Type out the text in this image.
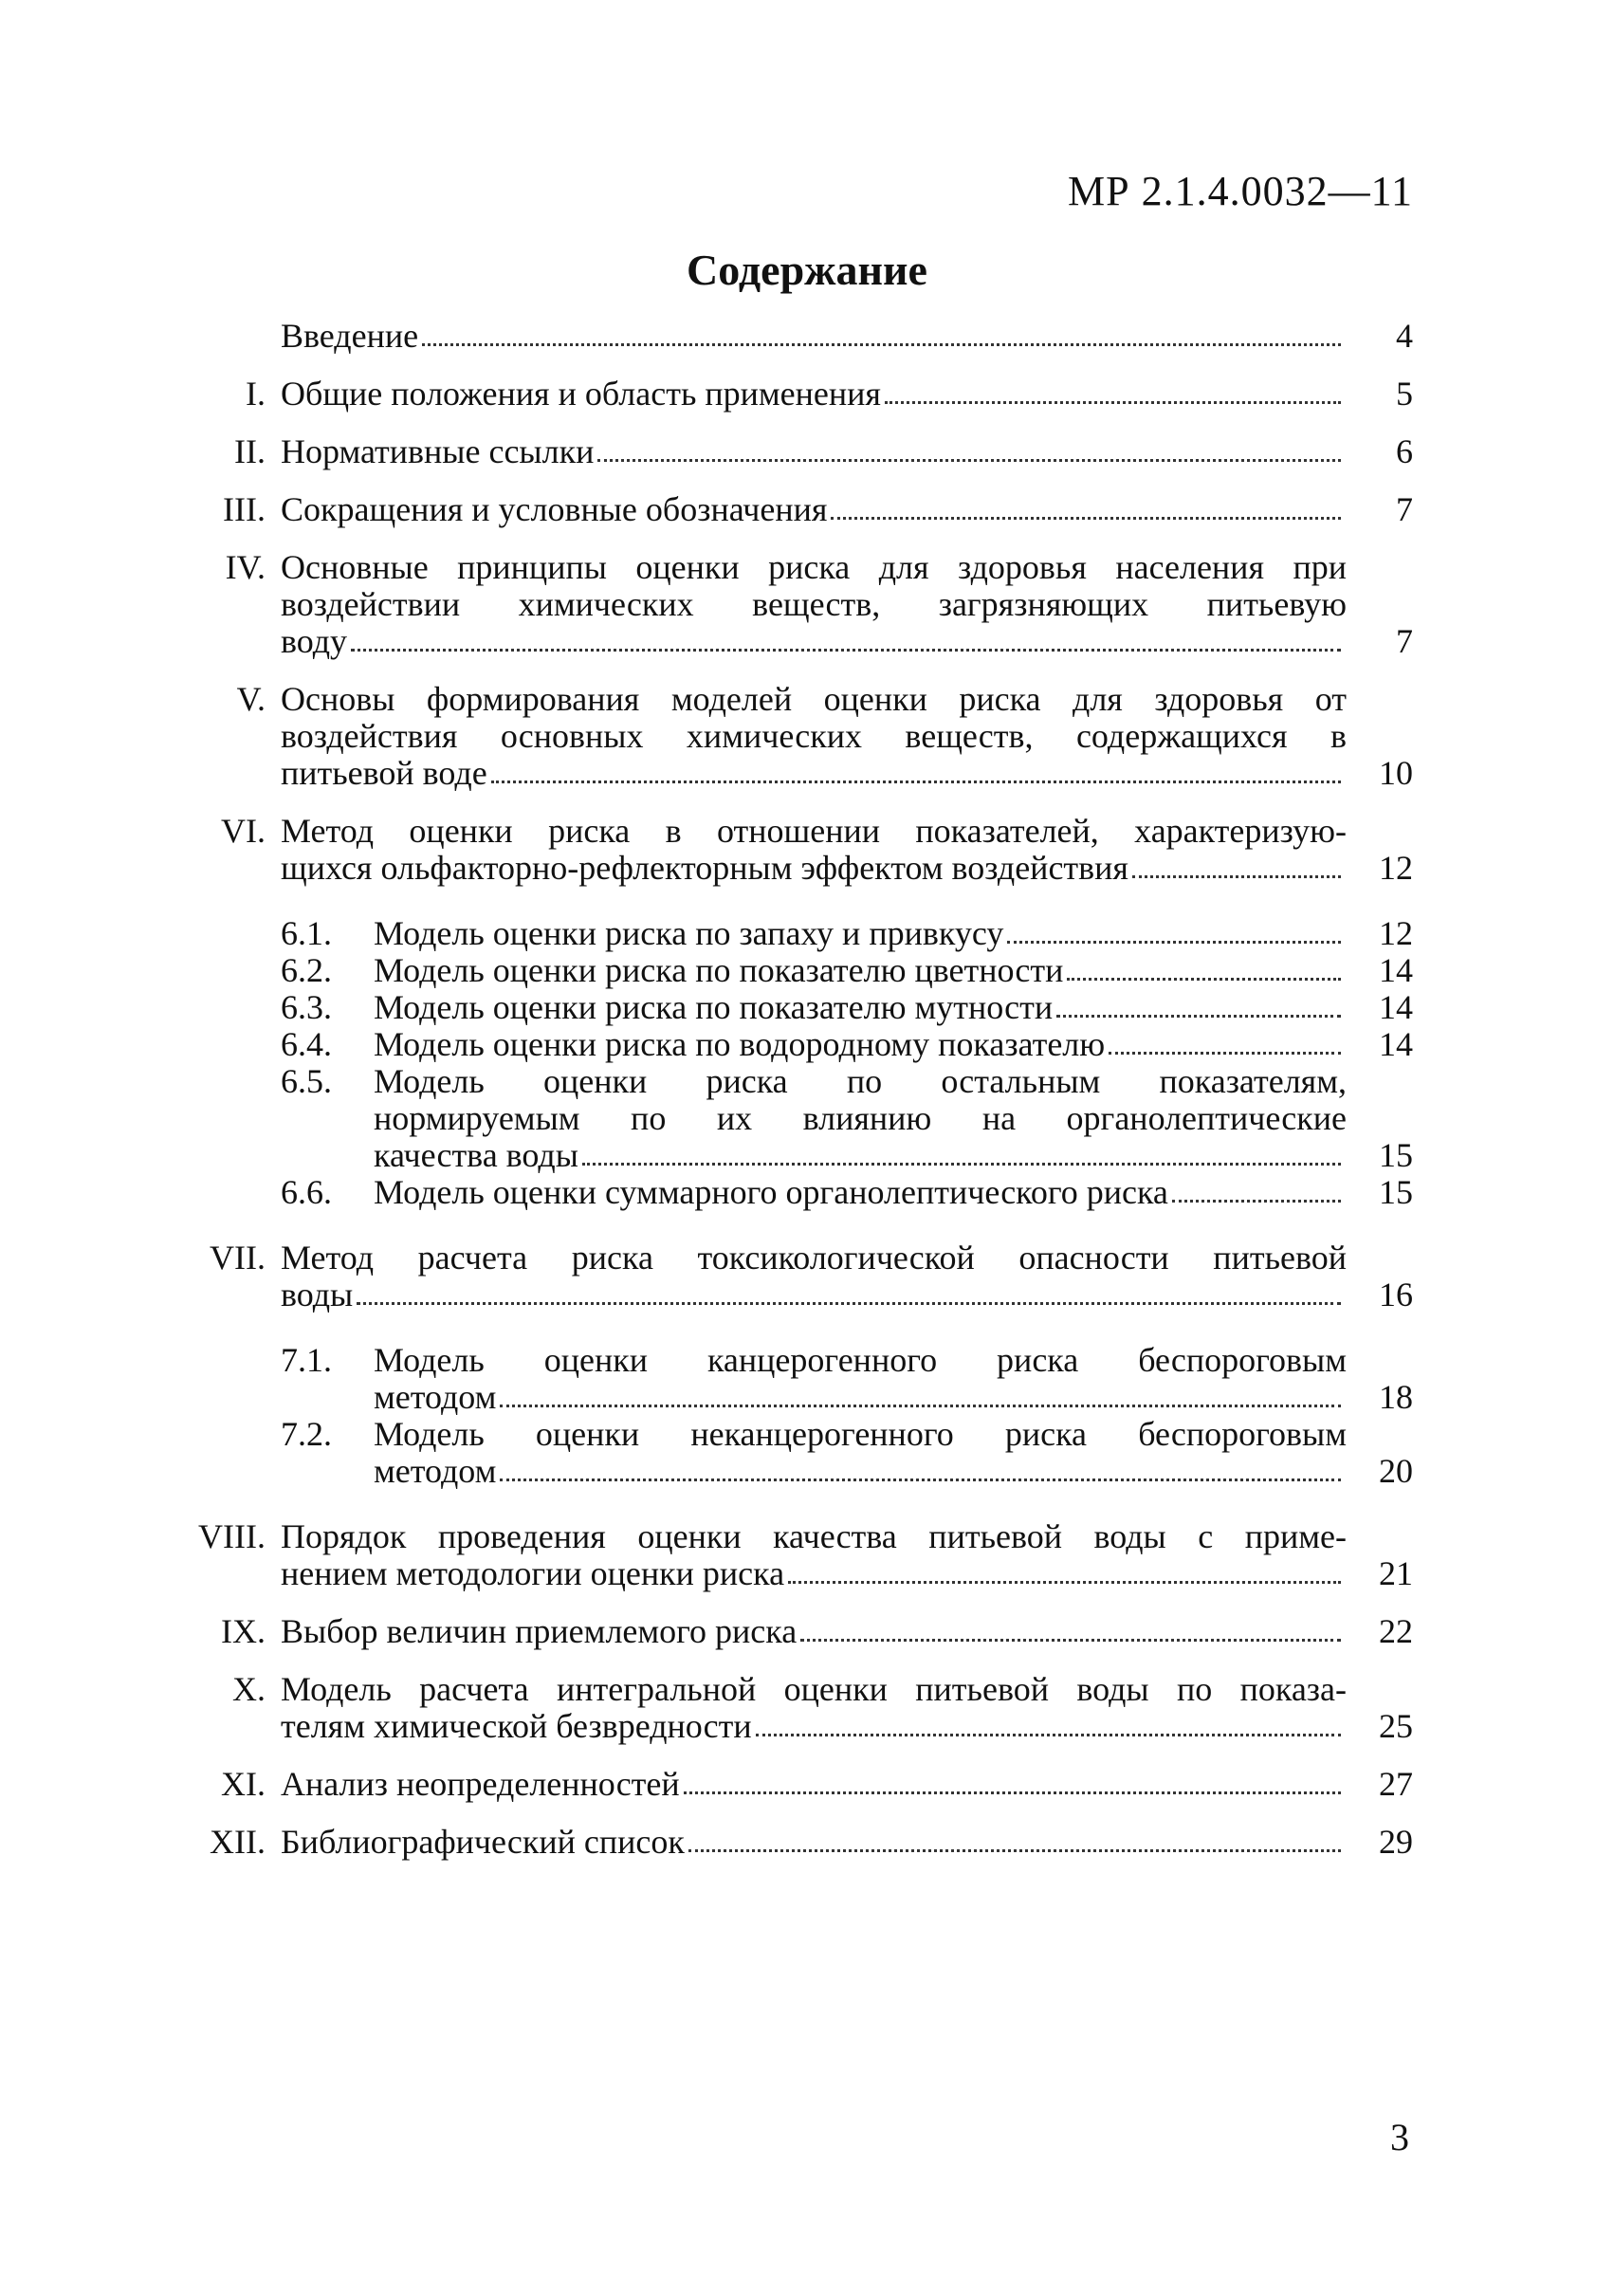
МР 2.1.4.0032—11
Содержание
Введение	4
I. Общие положения и область применения	5
II. Нормативные ссылки	6
III. Сокращения и условные обозначения	7
IV. Основные принципы оценки риска для здоровья населения при
воздействии химических веществ, загрязняющих питьевую
воду	7
V. Основы формирования моделей оценки риска для здоровья от
воздействия основных химических веществ, содержащихся в
питьевой воде	10
VI. Метод оценки риска в отношении показателей, характеризую-
щихся ольфакторно-рефлекторным эффектом воздействия	12
6.1.	Модель оценки риска по запаху и привкусу	12
6.2.	Модель оценки риска по показателю цветности	14
6.3.	Модель оценки риска по показателю мутности	14
6.4.	Модель оценки риска по водородному показателю	14
6.5.	Модель оценки риска по остальным показателям,
нормируемым по их влиянию на органолептические
качества воды	15
6.6.	Модель оценки суммарного органолептического риска	15
VII. Метод расчета риска токсикологической опасности питьевой
воды	16
7.1.	Модель оценки канцерогенного риска беспороговым
методом	18
7.2.	Модель оценки неканцерогенного риска беспороговым
методом	20
VIII. Порядок проведения оценки качества питьевой воды с приме-
нением методологии оценки риска	21
IX. Выбор величин приемлемого риска	22
X. Модель расчета интегральной оценки питьевой воды по показа-
телям химической безвредности	25
XI. Анализ неопределенностей	27
XII. Библиографический список	29
3
